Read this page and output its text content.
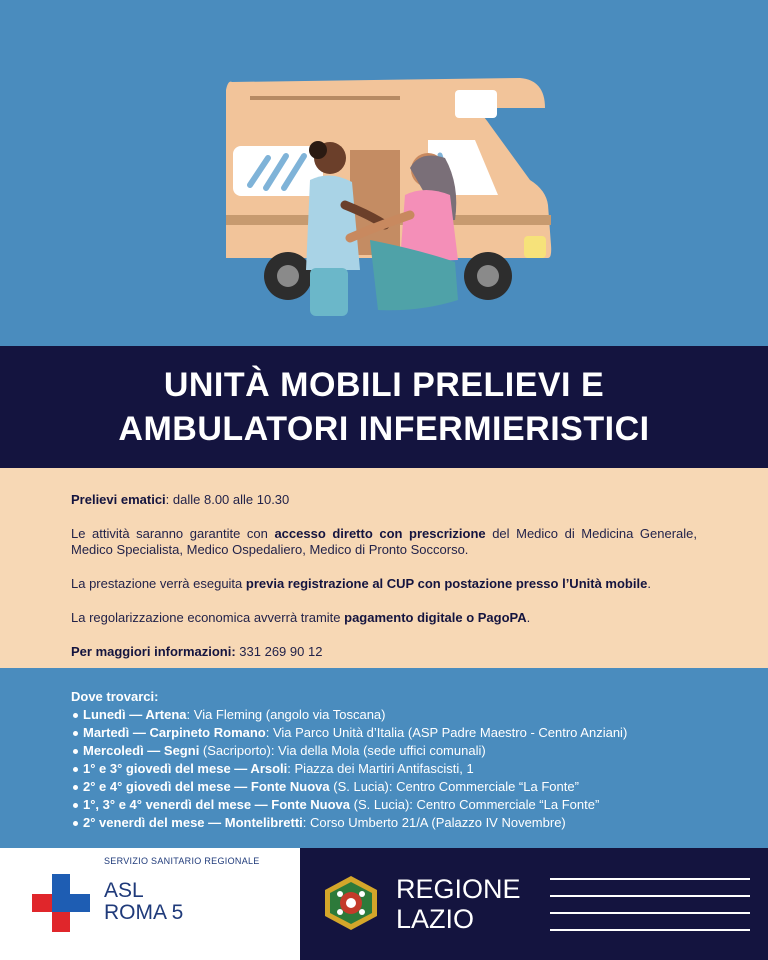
UNITÀ MOBILI PRELIEVI E
AMBULATORI INFERMIERISTICI

Prelievi ematici: dalle 8.00 alle 10.30

Le attività saranno garantite con accesso diretto con prescrizione del Medico di Medicina Generale, Medico Specialista, Medico Ospedaliero, Medico di Pronto Soccorso.

La prestazione verrà eseguita previa registrazione al CUP con postazione presso l’Unità mobile.

La regolarizzazione economica avverrà tramite pagamento digitale o PagoPA.

Per maggiori informazioni: 331 269 90 12

Dove trovarci:
Lunedì — Artena: Via Fleming (angolo via Toscana)
Martedì — Carpineto Romano: Via Parco Unità d’Italia (ASP Padre Maestro - Centro Anziani)
Mercoledì — Segni (Sacriporto): Via della Mola (sede uffici comunali)
1° e 3° giovedì del mese — Arsoli: Piazza dei Martiri Antifascisti, 1
2° e 4° giovedì del mese — Fonte Nuova (S. Lucia): Centro Commerciale “La Fonte”
1°, 3° e 4° venerdì del mese — Fonte Nuova (S. Lucia): Centro Commerciale “La Fonte”
2° venerdì del mese — Montelibretti: Corso Umberto 21/A (Palazzo IV Novembre)
SERVIZIO SANITARIO REGIONALE
ASL
ROMA 5
REGIONE
LAZIO
